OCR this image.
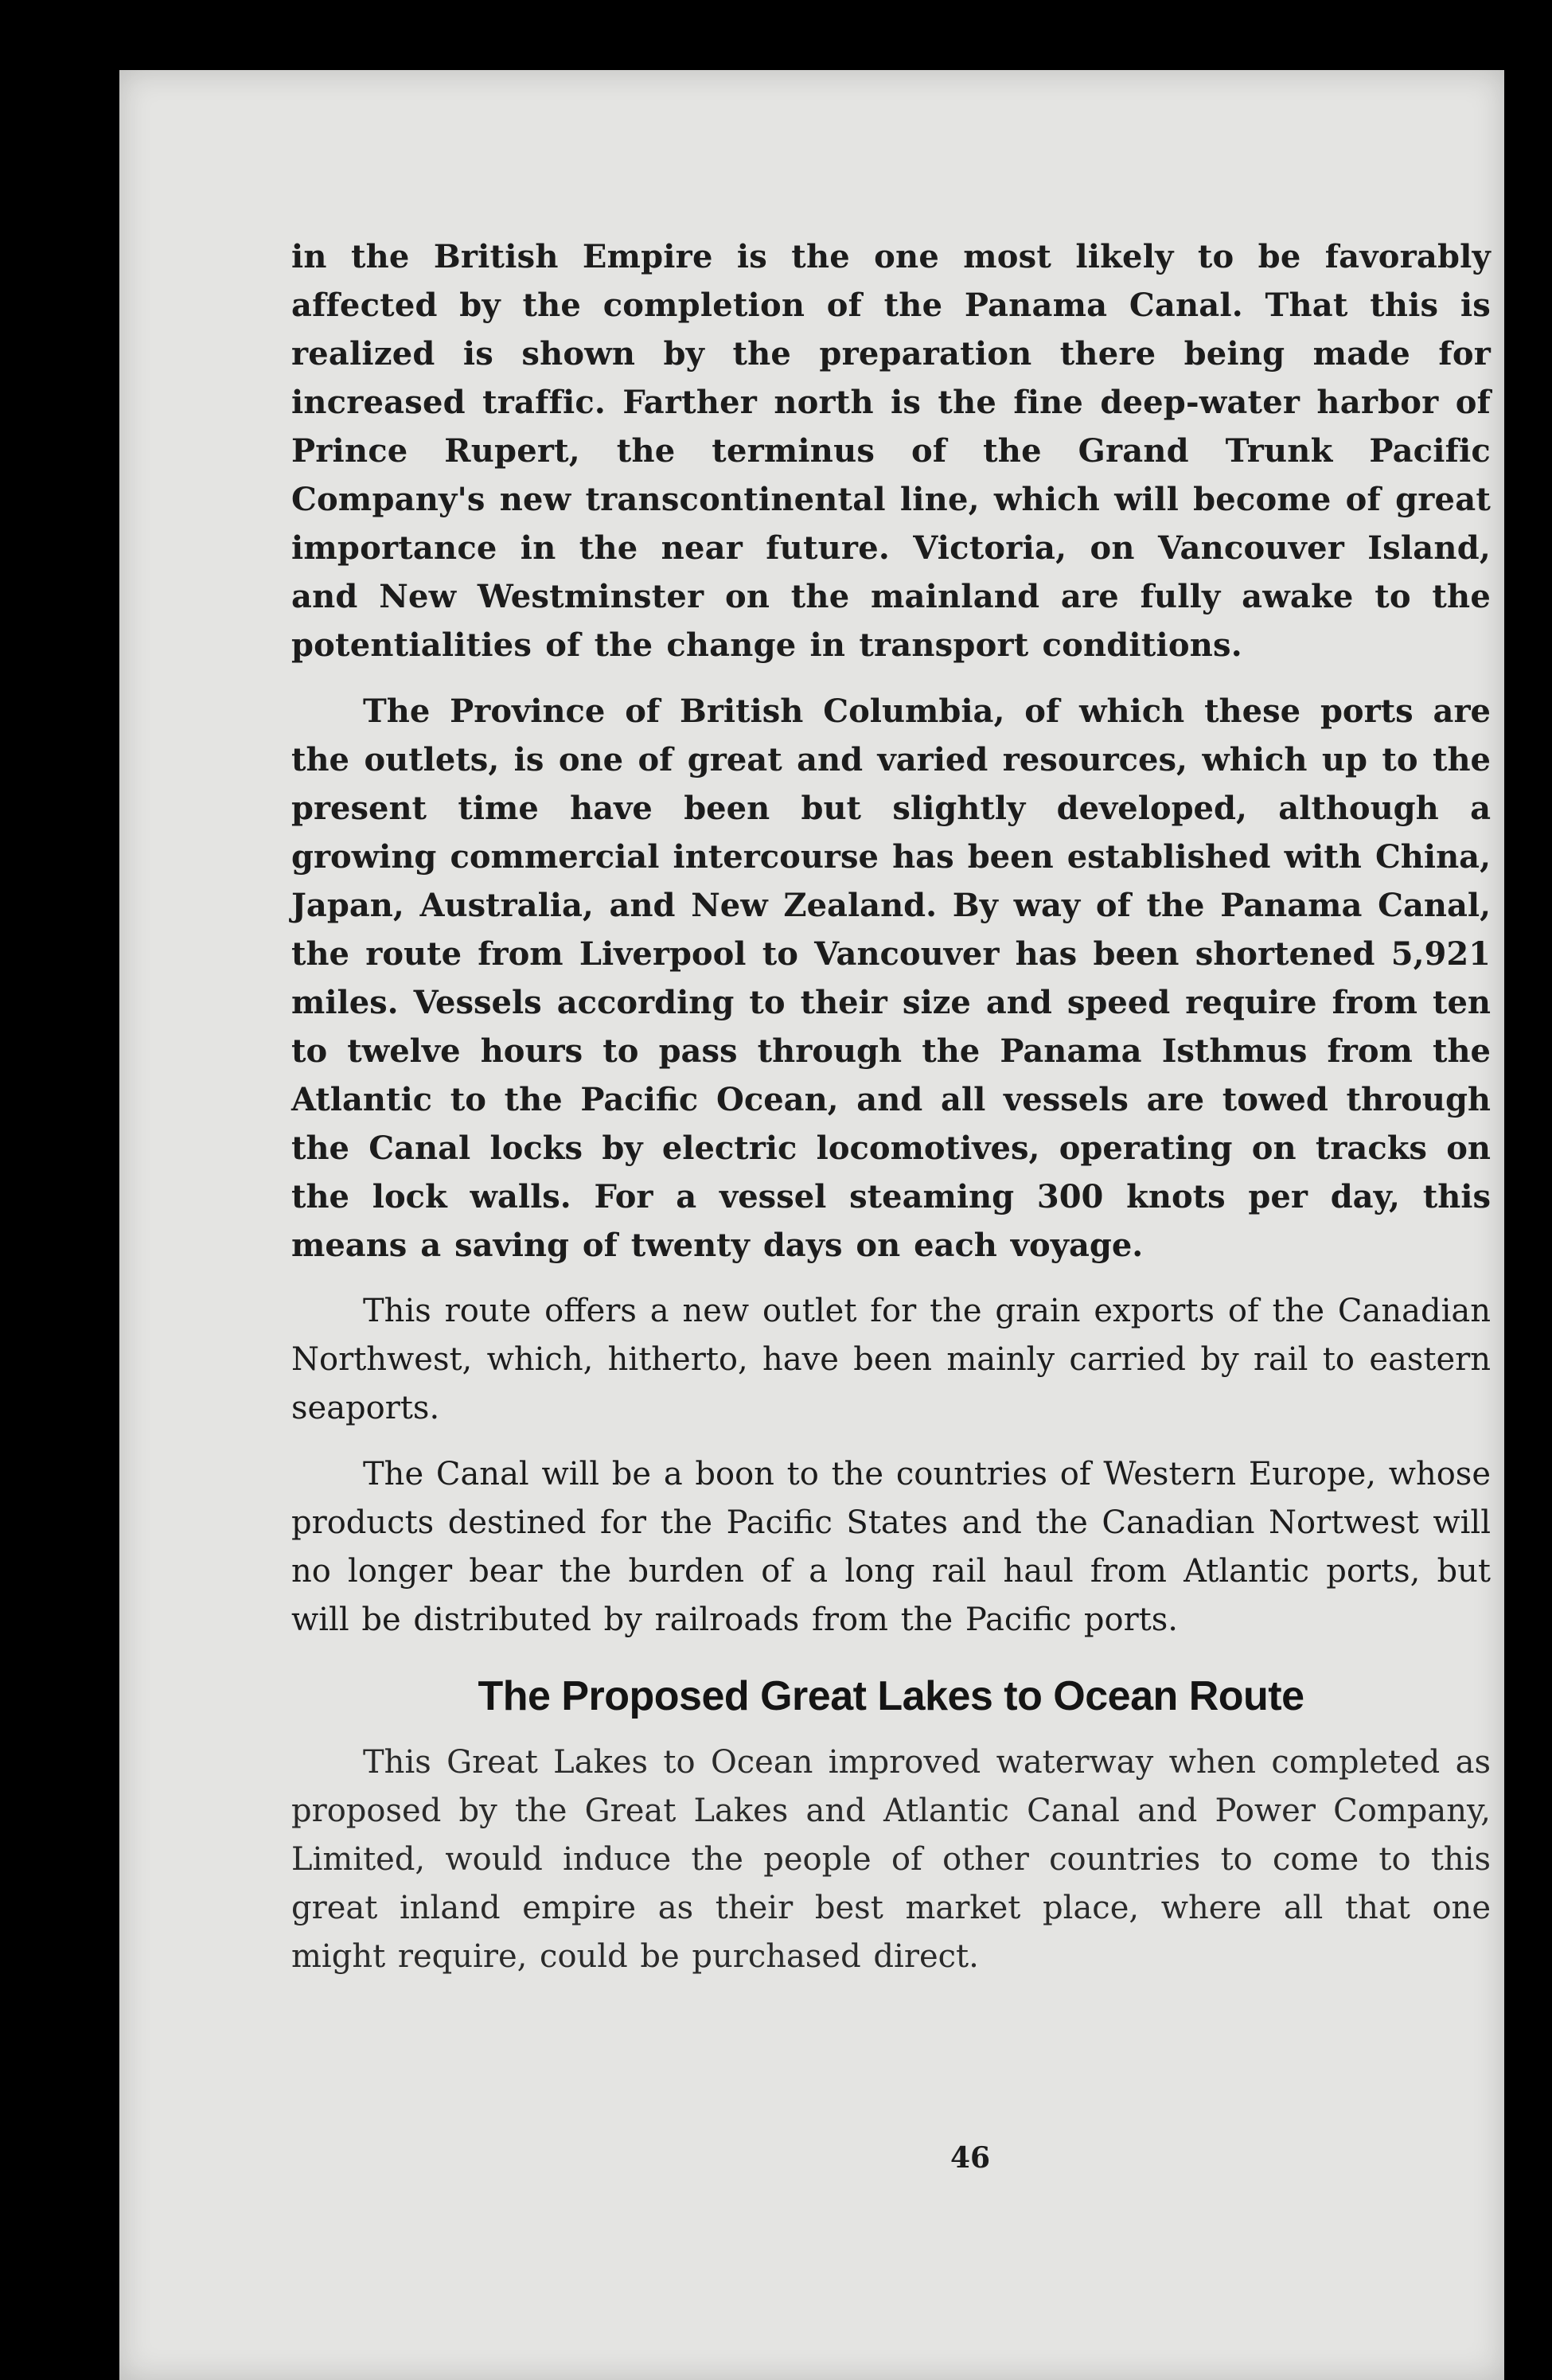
in the British Empire is the one most likely to be favorably affected by the completion of the Panama Canal. That this is realized is shown by the preparation there being made for increased traffic. Farther north is the fine deep-water harbor of Prince Rupert, the terminus of the Grand Trunk Pacific Company's new transcontinental line, which will become of great importance in the near future. Victoria, on Vancouver Island, and New Westminster on the mainland are fully awake to the potentialities of the change in transport conditions.

The Province of British Columbia, of which these ports are the outlets, is one of great and varied resources, which up to the present time have been but slightly developed, although a growing commercial intercourse has been established with China, Japan, Australia, and New Zealand. By way of the Panama Canal, the route from Liverpool to Vancouver has been shortened 5,921 miles. Vessels according to their size and speed require from ten to twelve hours to pass through the Panama Isthmus from the Atlantic to the Pacific Ocean, and all vessels are towed through the Canal locks by electric locomotives, operating on tracks on the lock walls. For a vessel steaming 300 knots per day, this means a saving of twenty days on each voyage.

This route offers a new outlet for the grain exports of the Canadian Northwest, which, hitherto, have been mainly carried by rail to eastern seaports.

The Canal will be a boon to the countries of Western Europe, whose products destined for the Pacific States and the Canadian Nortwest will no longer bear the burden of a long rail haul from Atlantic ports, but will be distributed by railroads from the Pacific ports.

The Proposed Great Lakes to Ocean Route

This Great Lakes to Ocean improved waterway when completed as proposed by the Great Lakes and Atlantic Canal and Power Company, Limited, would induce the people of other countries to come to this great inland empire as their best market place, where all that one might require, could be purchased direct.

46
